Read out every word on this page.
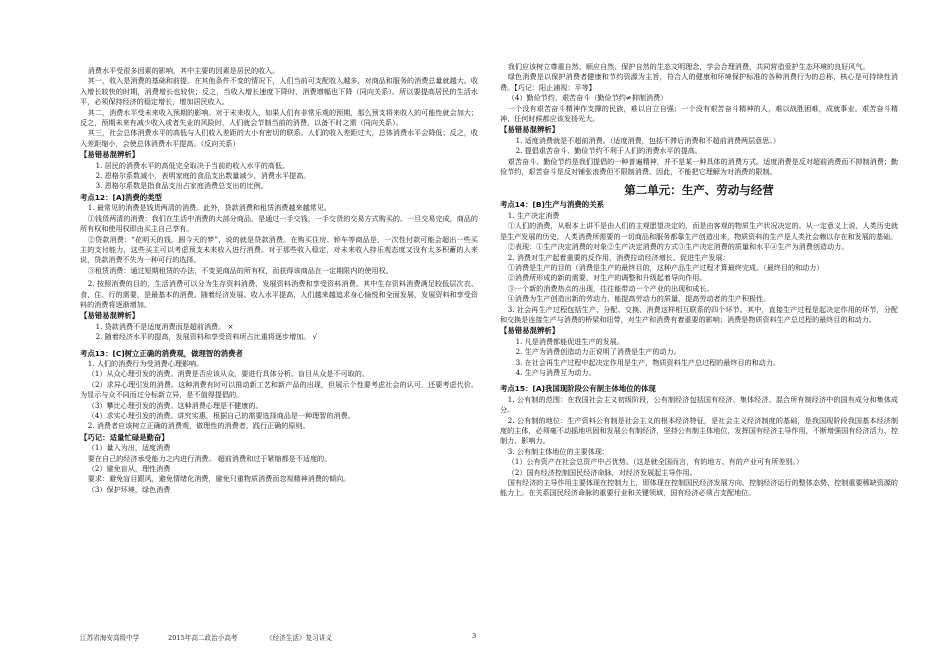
消费水平受很多因素的影响，其中主要的因素是居民的收入。

其一，收入是消费的基础和前提。在其他条件不变的情况下，人们当前可支配收入越多，对商品和服务的消费总量就越大。收入增长较快的时期，消费增长也较快；反之，当收入增长速度下降时，消费增幅也下降（同向关系）。所以要提高居民的生活水平，必须保持经济的稳定增长，增加居民收入。

其二，消费水平受未来收入预期的影响。对于未来收入，如果人们有非常乐观的预期，那么预支将来收入的可能性就会加大；反之，预期未来有减少收入或者失业的风险时，人们就会节制当前的消费，以备不时之需（同向关系）。

其三，社会总体消费水平的高低与人们收入差距的大小有密切的联系。人们的收入差距过大，总体消费水平会降低；反之，收入差距缩小，会使总体消费水平提高。（反向关系）

【易错易混辨析】

1. 居民的消费水平的高低完全取决于当前的收入水平的高低。

2. 恩格尔系数减小，表明家庭的食品支出数量减少，消费水平提高。

3. 恩格尔系数是指食品支出占家庭消费总支出的比例。

考点12：[A]消费的类型

1. 最常见的消费是钱货两清的消费。此外，贷款消费和租赁消费越来越常见。

①钱货两清的消费：我们在生活中消费的大部分商品，是通过一手交钱，一手交货的交易方式购买的。一旦交易完成，商品的所有权和使用权即由买主自己享有。

②贷款消费：“花明天的钱，圆今天的梦”，说的就是贷款消费。在购买住房、轿车等商品是，一次性付款可能会超出一些买主的支付能力，这些买主可以考虑预支未来收入进行消费。对于那些收入稳定，对未来收入持乐观态度又没有太多积蓄的人来说，贷款消费不失为一种可行的选择。

③租赁消费：通过短期租赁的办法，不变更商品的所有权，而获得该商品在一定期限内的使用权。

2. 按照消费的目的，生活消费可以分为生存资料消费、发展资料消费和享受资料消费。其中生存资料消费满足较低层次衣、食、住、行的需要，是最基本的消费。随着经济发展、收入水平提高，人们越来越追求身心愉悦和全面发展，发展资料和享受资料的消费将逐渐增加。

【易错易混辨析】

1. 贷款消费不是适度消费而是超前消费。 ×

2. 随着经济水平的提高，发展资料和享受资料所占比重将逐步增加。 √

考点13：[C]树立正确的消费观，做理智的消费者

1. 人们的消费行为受消费心理影响。

（1）从众心理引发的消费。消费是否应该从众，要进行具体分析。盲目从众是不可取的。

（2）求异心理引发的消费。这种消费有时可以推动新工艺和新产品的出现，但展示个性要考虑社会的认可，还要考虑代价。为显示与众不同而过分标新立异，是不值得提倡的。

（3）攀比心理引发的消费。这种消费心理是不健康的。

（4）求实心理引发的消费。讲究实惠，根据自己的需要选择商品是一种理智的消费。

2. 消费者应该树立正确的消费观，做理性的消费者，践行正确的原则。

【巧记：适量忙碌是勤奋】

（1）量入为出，适度消费

要在自己的经济承受能力之内进行消费。 超前消费和过于紧缩都是不适度的。

（2）避免盲从，理性消费

要求：避免盲目跟风，避免情绪化消费，避免只重物质消费而忽视精神消费的倾向。

（3）保护环境，绿色消费

我们应该树立尊重自然、顺应自然、保护自然的生态文明理念，学会合理消费，共同营造爱护生态环境的良好风气。

绿色消费是以保护消费者健康和节约资源为主旨，符合人的健康和环境保护标准的各种消费行为的总称，核心是可持续性消费。【巧记：阳止浦视：平等】

（4）勤俭节约，艰苦奋斗（勤俭节约≠抑制消费）

一个没有艰苦奋斗精神作支撑的民族，难以自立自强；一个没有艰苦奋斗精神的人，难以战胜困难，成就事业。艰苦奋斗精神，任何时候都应该发扬光大。

【易错易混辨析】

1. 适度消费就是不超前消费。（适度消费，包括不滞后消费和不超前消费两层意思。）

2. 提倡艰苦奋斗、勤俭节约不利于人们的消费水平的提高。

艰苦奋斗、勤俭节约是我们提倡的一种普遍精神，并不是某一种具体的消费方式。适度消费是反对超前消费而不抑制消费；勤俭节约，艰苦奋斗是反对铺张浪费但不限制消费。因此，不能把它理解为对消费的限制。

第二单元：生产、劳动与经营
考点14：[B]生产与消费的关系

1. 生产决定消费

①人们的消费，从根本上讲不是由人们的主观愿望决定的，而是由客观的物质生产状况决定的。从一定意义上说，人类历史就是生产发展的历史，人类消费所需要的一切商品和服务都靠生产创造出来，物质资料的生产是人类社会赖以存在和发展的基础。

②表现：①生产决定消费的对象②生产决定消费的方式③生产决定消费的质量和水平④生产为消费创造动力。

2. 消费对生产起着重要的反作用，消费拉动经济增长、促进生产发展：

①消费是生产的目的（消费是生产的最终目的，这种产品生产过程才算最终完成。（最终目的和动力）

②消费所形成的新的需要，对生产的调整和升级起着导向作用。

③一个新的消费热点的出现，往往能带动一个产业的出现和成长。

④消费为生产创造出新的劳动力，能提高劳动力的质量，提高劳动者的生产积极性。

3. 社会再生产过程包括生产、分配、交换、消费这样相互联系的四个环节。其中，直接生产过程是起决定作用的环节，分配和交换是连接生产与消费的桥梁和纽带，对生产和消费有着重要的影响；消费是物质资料生产总过程的最终目的和动力。

【易错易混辨析】

1. 凡是消费都能促进生产的发展。

2. 生产为消费创造动力正说明了消费是生产的动力。

3. 在社会再生产过程中起决定作用是生产，物质资料生产总过程的最终目的和动力。

4. 生产与消费互为动力。

考点15：[A]我国现阶段公有制主体地位的体现

1. 公有制的范围：在我国社会主义初级阶段，公有制经济包括国有经济、集体经济、混合所有制经济中的国有成分和集体成分。

2. 公有制的地位：生产资料公有制是社会主义的根本经济特征，是社会主义经济制度的基础，是我国现阶段我国基本经济制度的主体，必须毫不动摇地巩固和发展公有制经济，坚持公有制主体地位，发挥国有经济主导作用，不断增强国有经济活力、控制力、影响力。

3. 公有制主体地位的主要体现：

（1）公有资产在社会总资产中占优势。（这是就全国而言，有的地方、有的产业可有所差别。）

（2）国有经济控制国民经济命脉，对经济发展起主导作用。

国有经济的主导作用主要体现在控制力上，即体现在控制国民经济发展方向、控制经济运行的整体态势、控制重要稀缺资源的能力上。在关系国民经济命脉的重要行业和关键领域，国有经济必须占支配地位。

江苏省海安高级中学	2015年高二政治小高考	《经济生活》复习讲义	3
